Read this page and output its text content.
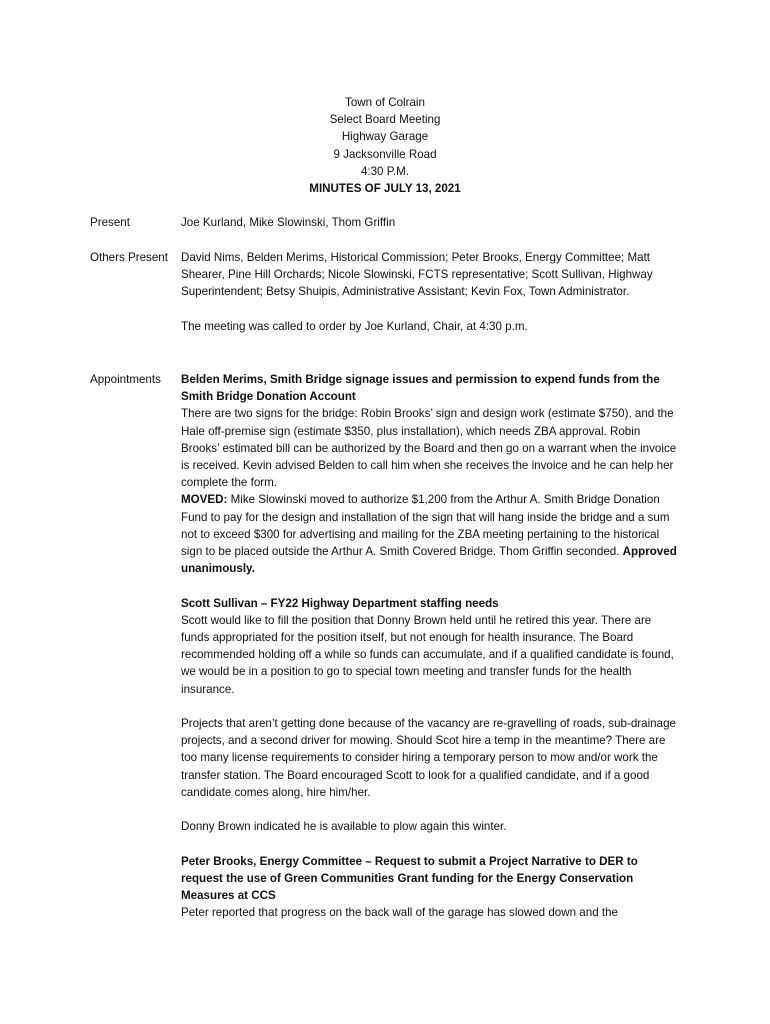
Town of Colrain
Select Board Meeting
Highway Garage
9 Jacksonville Road
4:30 P.M.
MINUTES OF JULY 13, 2021
Present	Joe Kurland, Mike Slowinski, Thom Griffin
Others Present	David Nims, Belden Merims, Historical Commission; Peter Brooks, Energy Committee; Matt Shearer, Pine Hill Orchards; Nicole Slowinski, FCTS representative; Scott Sullivan, Highway Superintendent; Betsy Shuipis, Administrative Assistant; Kevin Fox, Town Administrator.

The meeting was called to order by Joe Kurland, Chair, at 4:30 p.m.

Appointments	Belden Merims, Smith Bridge signage issues and permission to expend funds from the Smith Bridge Donation Account

There are two signs for the bridge: Robin Brooks’ sign and design work (estimate $750), and the Hale off-premise sign (estimate $350, plus installation), which needs ZBA approval. Robin Brooks’ estimated bill can be authorized by the Board and then go on a warrant when the invoice is received. Kevin advised Belden to call him when she receives the invoice and he can help her complete the form.

MOVED: Mike Slowinski moved to authorize $1,200 from the Arthur A. Smith Bridge Donation Fund to pay for the design and installation of the sign that will hang inside the bridge and a sum not to exceed $300 for advertising and mailing for the ZBA meeting pertaining to the historical sign to be placed outside the Arthur A. Smith Covered Bridge. Thom Griffin seconded. Approved unanimously.

Scott Sullivan – FY22 Highway Department staffing needs

Scott would like to fill the position that Donny Brown held until he retired this year. There are funds appropriated for the position itself, but not enough for health insurance. The Board recommended holding off a while so funds can accumulate, and if a qualified candidate is found, we would be in a position to go to special town meeting and transfer funds for the health insurance.

Projects that aren’t getting done because of the vacancy are re-gravelling of roads, sub-drainage projects, and a second driver for mowing. Should Scot hire a temp in the meantime? There are too many license requirements to consider hiring a temporary person to mow and/or work the transfer station. The Board encouraged Scott to look for a qualified candidate, and if a good candidate comes along, hire him/her.

Donny Brown indicated he is available to plow again this winter.

Peter Brooks, Energy Committee – Request to submit a Project Narrative to DER to request the use of Green Communities Grant funding for the Energy Conservation Measures at CCS

Peter reported that progress on the back wall of the garage has slowed down and the
